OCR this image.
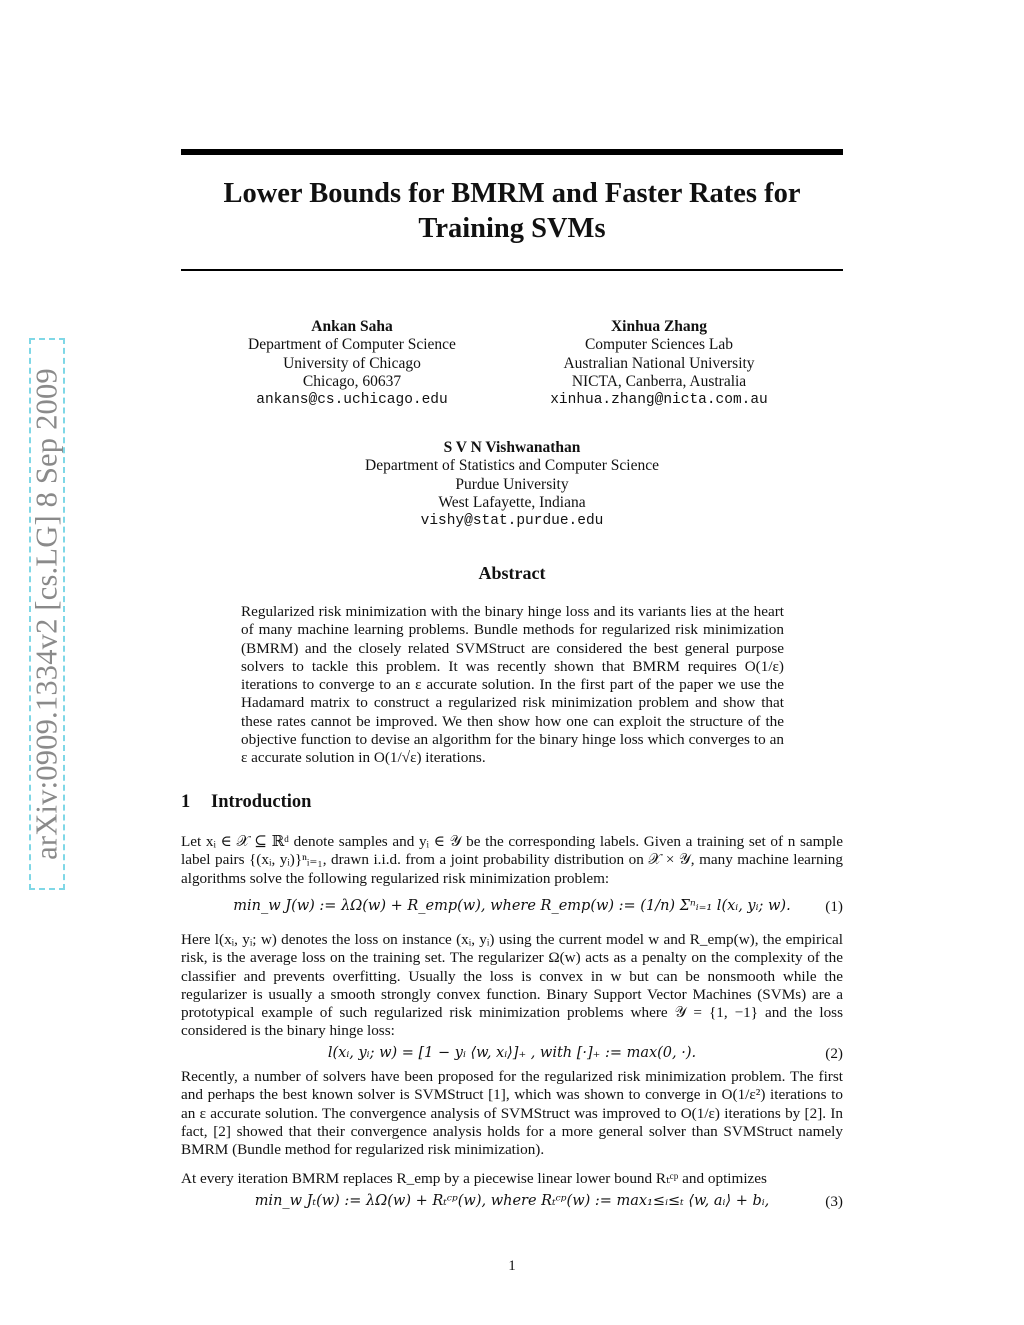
arXiv:0909.1334v2 [cs.LG] 8 Sep 2009
Lower Bounds for BMRM and Faster Rates for
Training SVMs
Ankan Saha
Department of Computer Science
University of Chicago
Chicago, 60637
ankans@cs.uchicago.edu
Xinhua Zhang
Computer Sciences Lab
Australian National University
NICTA, Canberra, Australia
xinhua.zhang@nicta.com.au
S V N Vishwanathan
Department of Statistics and Computer Science
Purdue University
West Lafayette, Indiana
vishy@stat.purdue.edu
Abstract
Regularized risk minimization with the binary hinge loss and its variants lies at the heart of many machine learning problems. Bundle methods for regularized risk minimization (BMRM) and the closely related SVMStruct are considered the best general purpose solvers to tackle this problem. It was recently shown that BMRM requires O(1/ε) iterations to converge to an ε accurate solution. In the first part of the paper we use the Hadamard matrix to construct a regularized risk minimization problem and show that these rates cannot be improved. We then show how one can exploit the structure of the objective function to devise an algorithm for the binary hinge loss which converges to an ε accurate solution in O(1/√ε) iterations.
1 Introduction
Let xᵢ ∈ 𝒳 ⊆ ℝᵈ denote samples and yᵢ ∈ 𝒴 be the corresponding labels. Given a training set of n sample label pairs {(xᵢ, yᵢ)}ⁿᵢ₌₁, drawn i.i.d. from a joint probability distribution on 𝒳 × 𝒴, many machine learning algorithms solve the following regularized risk minimization problem:
min_w J(w) := λΩ(w) + R_emp(w), where R_emp(w) := (1/n) Σⁿᵢ₌₁ l(xᵢ, yᵢ; w).	(1)
Here l(xᵢ, yᵢ; w) denotes the loss on instance (xᵢ, yᵢ) using the current model w and R_emp(w), the empirical risk, is the average loss on the training set. The regularizer Ω(w) acts as a penalty on the complexity of the classifier and prevents overfitting. Usually the loss is convex in w but can be nonsmooth while the regularizer is usually a smooth strongly convex function. Binary Support Vector Machines (SVMs) are a prototypical example of such regularized risk minimization problems where 𝒴 = {1, −1} and the loss considered is the binary hinge loss:
l(xᵢ, yᵢ; w) = [1 − yᵢ ⟨w, xᵢ⟩]₊ , with [·]₊ := max(0, ·).	(2)
Recently, a number of solvers have been proposed for the regularized risk minimization problem. The first and perhaps the best known solver is SVMStruct [1], which was shown to converge in O(1/ε²) iterations to an ε accurate solution. The convergence analysis of SVMStruct was improved to O(1/ε) iterations by [2]. In fact, [2] showed that their convergence analysis holds for a more general solver than SVMStruct namely BMRM (Bundle method for regularized risk minimization).
At every iteration BMRM replaces R_emp by a piecewise linear lower bound Rₜᶜᵖ and optimizes
min_w Jₜ(w) := λΩ(w) + Rₜᶜᵖ(w), where Rₜᶜᵖ(w) := max₁≤ᵢ≤ₜ ⟨w, aᵢ⟩ + bᵢ,	(3)
1
